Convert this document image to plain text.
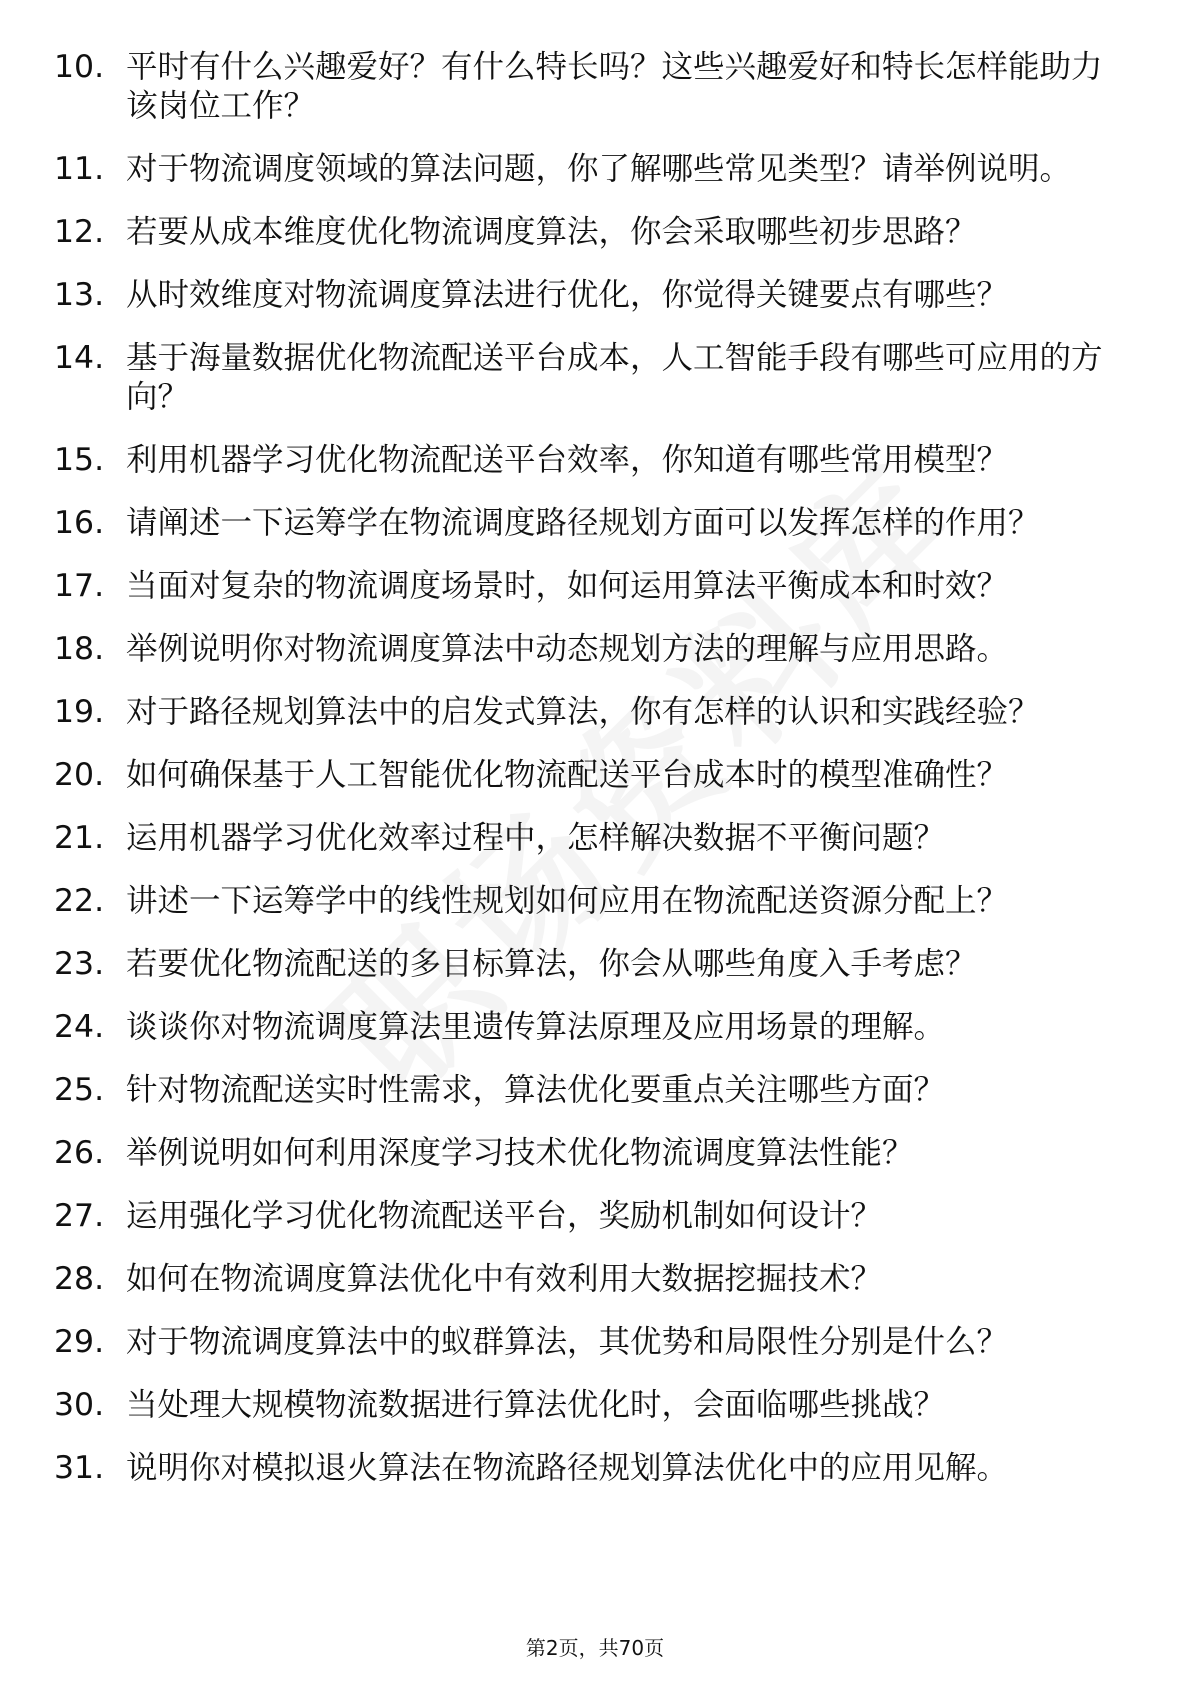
10. 平时有什么兴趣爱好？有什么特长吗？这些兴趣爱好和特长怎样能助力该岗位工作？
11. 对于物流调度领域的算法问题，你了解哪些常见类型？请举例说明。
12. 若要从成本维度优化物流调度算法，你会采取哪些初步思路？
13. 从时效维度对物流调度算法进行优化，你觉得关键要点有哪些？
14. 基于海量数据优化物流配送平台成本，人工智能手段有哪些可应用的方向？
15. 利用机器学习优化物流配送平台效率，你知道有哪些常用模型？
16. 请阐述一下运筹学在物流调度路径规划方面可以发挥怎样的作用？
17. 当面对复杂的物流调度场景时，如何运用算法平衡成本和时效？
18. 举例说明你对物流调度算法中动态规划方法的理解与应用思路。
19. 对于路径规划算法中的启发式算法，你有怎样的认识和实践经验？
20. 如何确保基于人工智能优化物流配送平台成本时的模型准确性？
21. 运用机器学习优化效率过程中，怎样解决数据不平衡问题？
22. 讲述一下运筹学中的线性规划如何应用在物流配送资源分配上？
23. 若要优化物流配送的多目标算法，你会从哪些角度入手考虑？
24. 谈谈你对物流调度算法里遗传算法原理及应用场景的理解。
25. 针对物流配送实时性需求，算法优化要重点关注哪些方面？
26. 举例说明如何利用深度学习技术优化物流调度算法性能？
27. 运用强化学习优化物流配送平台，奖励机制如何设计？
28. 如何在物流调度算法优化中有效利用大数据挖掘技术？
29. 对于物流调度算法中的蚁群算法，其优势和局限性分别是什么？
30. 当处理大规模物流数据进行算法优化时，会面临哪些挑战？
31. 说明你对模拟退火算法在物流路径规划算法优化中的应用见解。
第2页，共70页
